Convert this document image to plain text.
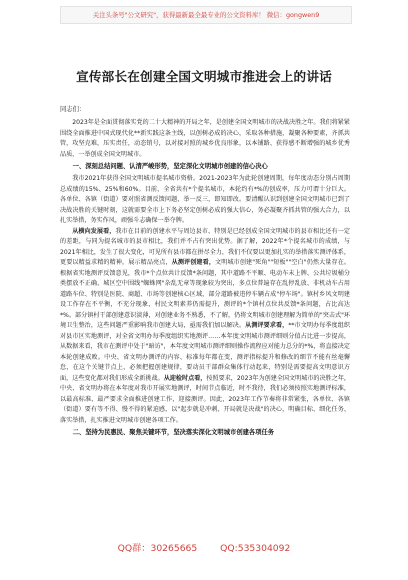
关注头条号"公文研究"，获得最新最全最专业的公文资料库！ 微信：gongwen9
宣传部长在创建全国文明城市推进会上的讲话
同志们：

2023年是全面贯彻落实党的二十大精神的开局之年，是创建全国文明城市的决战决胜之年。我们将紧紧围绕全面推进中国式现代化**新实践这条主线，以创树必成的决心，采取各种措施，凝聚各种要素，齐抓共管，攻坚克难，压实责任，动态销号，以对接对照的城乡优良形象，以本铺路、获得感不断增强的城乡优秀品质，一举创成全国文明城市。

一、深刻总结问题、认清严峻形势，坚定深化文明城市创建的信心决心

我市2021年获得全国文明城市提名城市资格。2021-2023年为此轮创建周期，每年度动态分别占周期总成绩的15%、25%和60%。目前，全省共有*个提名城市，本轮约有*%的创成率，压力可谓十分巨大。各单位、各镇（街道）要对照省测反馈问题，举一反三，即知即改。要清醒认识到创建全国文明城市已到了决战决胜的关键时刻，这就需要全市上下务必坚定创树必成的强大信心，务必凝聚齐抓共管的强大合力，以扎实举措，务实作风，顽强斗志确保一举夺牌。

从横向发展看，我市在目前的创建水平与周边县市、特别是已经创成全国文明城市的县市相比还有一定的差距，与同为提名城市的县市相比，我们并不占有突出优势。据了解，2022年*个提名城市的成绩，与2021年相比，发生了很大变化，可见所有县市都在拼尽全力，我们不仅要以更加扎实的举措落实测评体系，更要以精益求精的精神，展示精品亮点，从测评创建看，文明城市创建"死角""短板""空白"仍然大量存在。根据省实地测评反馈意见，我市*个点位共计反馈*条问题，其中道路不平顺、电动车未上牌、公共垃圾桶分类摆放不正确、城区空中围线"蜘蛛网"杂乱无章等现象较为突出，多点位普遍存在乱停乱放、非机动车占用道路车位、特别是医院、商超、市场等创建核心区域，部分道路被违停车辆占成"停车场"。镇村乡风文明建设工作存在不平衡，不充分现象，村民文明素养仍需提升，测评的*个镇村点位共反馈*条问题，占比高达*%。部分镇村干部创建意识淡薄，对创建业务不熟悉，不了解，仍将文明城市创建理解为简单的"突击式"环境卫生整治，这些问题严重影响我市创建大局，亟需我们加以解决。从测评要求看，**市文明办每季度组织对县市区实地测评，对全省文明办每季度组织实地测评……本年度文明城市测评细则分值占比进一步提高，从数据来看，我市在测评中处于"暗访"，本年度文明城市测评细则操作流程应对能力总分的*%，将直接决定本轮创建成败。中央、省文明办测评的内容、标准每年都在变，测评指标提升和修改的细节不能有丝毫懈怠，在这个关键节点上，必须把握创建规律，要动员干部群众集体行动起来，特别是需要提高文明意识方面，这些变化都对我们形成全新挑战。从迎检时点看，按照要求，2023年为创建全国文明城市的决胜之年，中央、省文明办将在本年度对我市开展实地测评，时间节点临近，时不我待，我们必须按照实地测评标准，以最高标准、最严要求全面推进创建工作，迎接测评。因此，2023年工作节奏将非常紧张，各单位、各镇（街道）要有等不得、慢不得的紧迫感，以"起步就是冲刺、开局就是决战"的决心，明确目标、细化任务、落实举措，扎实推进文明城市创建各项工作。

二、坚持为民惠民、聚焦关键环节，坚决落实深化文明城市创建各项任务

QQ群：30265665 QQ:535304092
